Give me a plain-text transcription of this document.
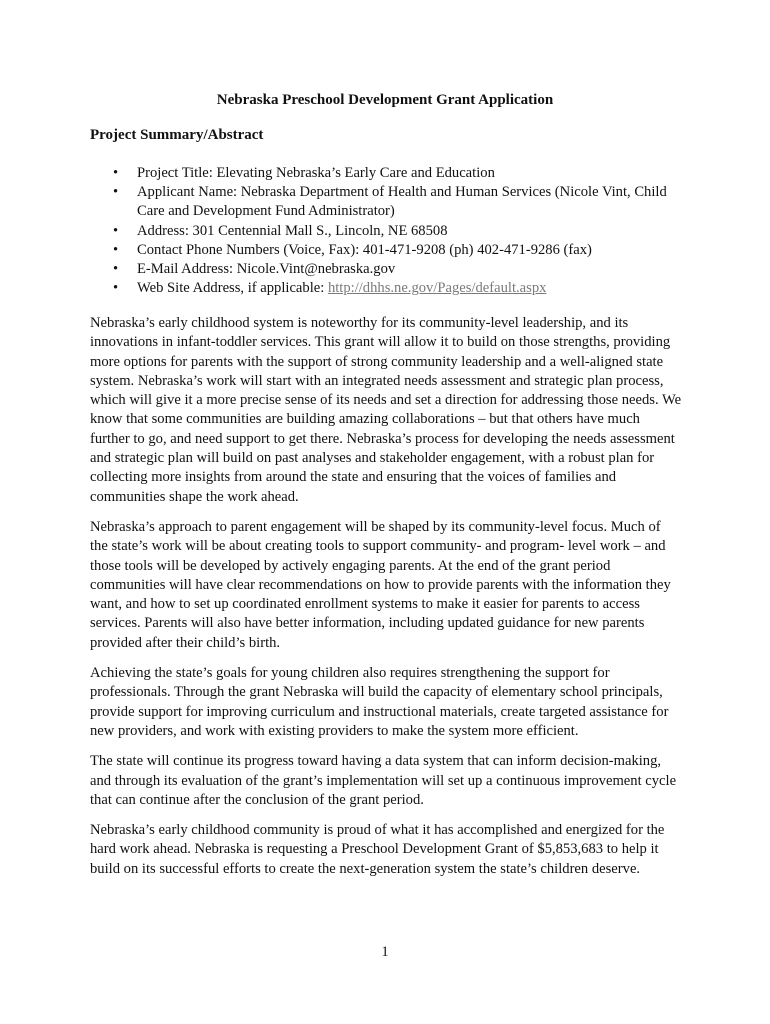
Nebraska Preschool Development Grant Application
Project Summary/Abstract
• Project Title: Elevating Nebraska’s Early Care and Education
• Applicant Name: Nebraska Department of Health and Human Services (Nicole Vint, Child Care and Development Fund Administrator)
• Address: 301 Centennial Mall S., Lincoln, NE 68508
• Contact Phone Numbers (Voice, Fax): 401-471-9208 (ph) 402-471-9286 (fax)
• E-Mail Address: Nicole.Vint@nebraska.gov
• Web Site Address, if applicable: http://dhhs.ne.gov/Pages/default.aspx

Nebraska’s early childhood system is noteworthy for its community-level leadership, and its innovations in infant-toddler services. This grant will allow it to build on those strengths, providing more options for parents with the support of strong community leadership and a well-aligned state system. Nebraska’s work will start with an integrated needs assessment and strategic plan process, which will give it a more precise sense of its needs and set a direction for addressing those needs. We know that some communities are building amazing collaborations – but that others have much further to go, and need support to get there. Nebraska’s process for developing the needs assessment and strategic plan will build on past analyses and stakeholder engagement, with a robust plan for collecting more insights from around the state and ensuring that the voices of families and communities shape the work ahead.

Nebraska’s approach to parent engagement will be shaped by its community-level focus. Much of the state’s work will be about creating tools to support community- and program- level work – and those tools will be developed by actively engaging parents. At the end of the grant period communities will have clear recommendations on how to provide parents with the information they want, and how to set up coordinated enrollment systems to make it easier for parents to access services. Parents will also have better information, including updated guidance for new parents provided after their child’s birth.

Achieving the state’s goals for young children also requires strengthening the support for professionals. Through the grant Nebraska will build the capacity of elementary school principals, provide support for improving curriculum and instructional materials, create targeted assistance for new providers, and work with existing providers to make the system more efficient.

The state will continue its progress toward having a data system that can inform decision-making, and through its evaluation of the grant’s implementation will set up a continuous improvement cycle that can continue after the conclusion of the grant period.

Nebraska’s early childhood community is proud of what it has accomplished and energized for the hard work ahead. Nebraska is requesting a Preschool Development Grant of $5,853,683 to help it build on its successful efforts to create the next-generation system the state’s children deserve.

1
